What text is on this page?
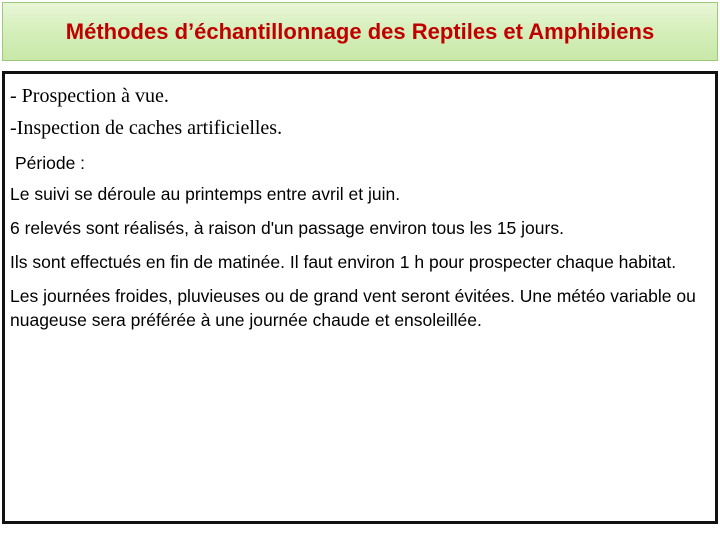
Méthodes d’échantillonnage des Reptiles et Amphibiens
- Prospection à vue.
-Inspection de caches artificielles.
Période :
Le suivi se déroule au printemps entre avril et juin.
6 relevés sont réalisés, à raison d'un passage environ tous les 15 jours.
Ils sont effectués en fin de matinée. Il faut environ 1 h pour prospecter chaque habitat.
Les journées froides, pluvieuses ou de grand vent seront évitées. Une météo variable ou nuageuse sera préférée à une journée chaude et ensoleillée.
